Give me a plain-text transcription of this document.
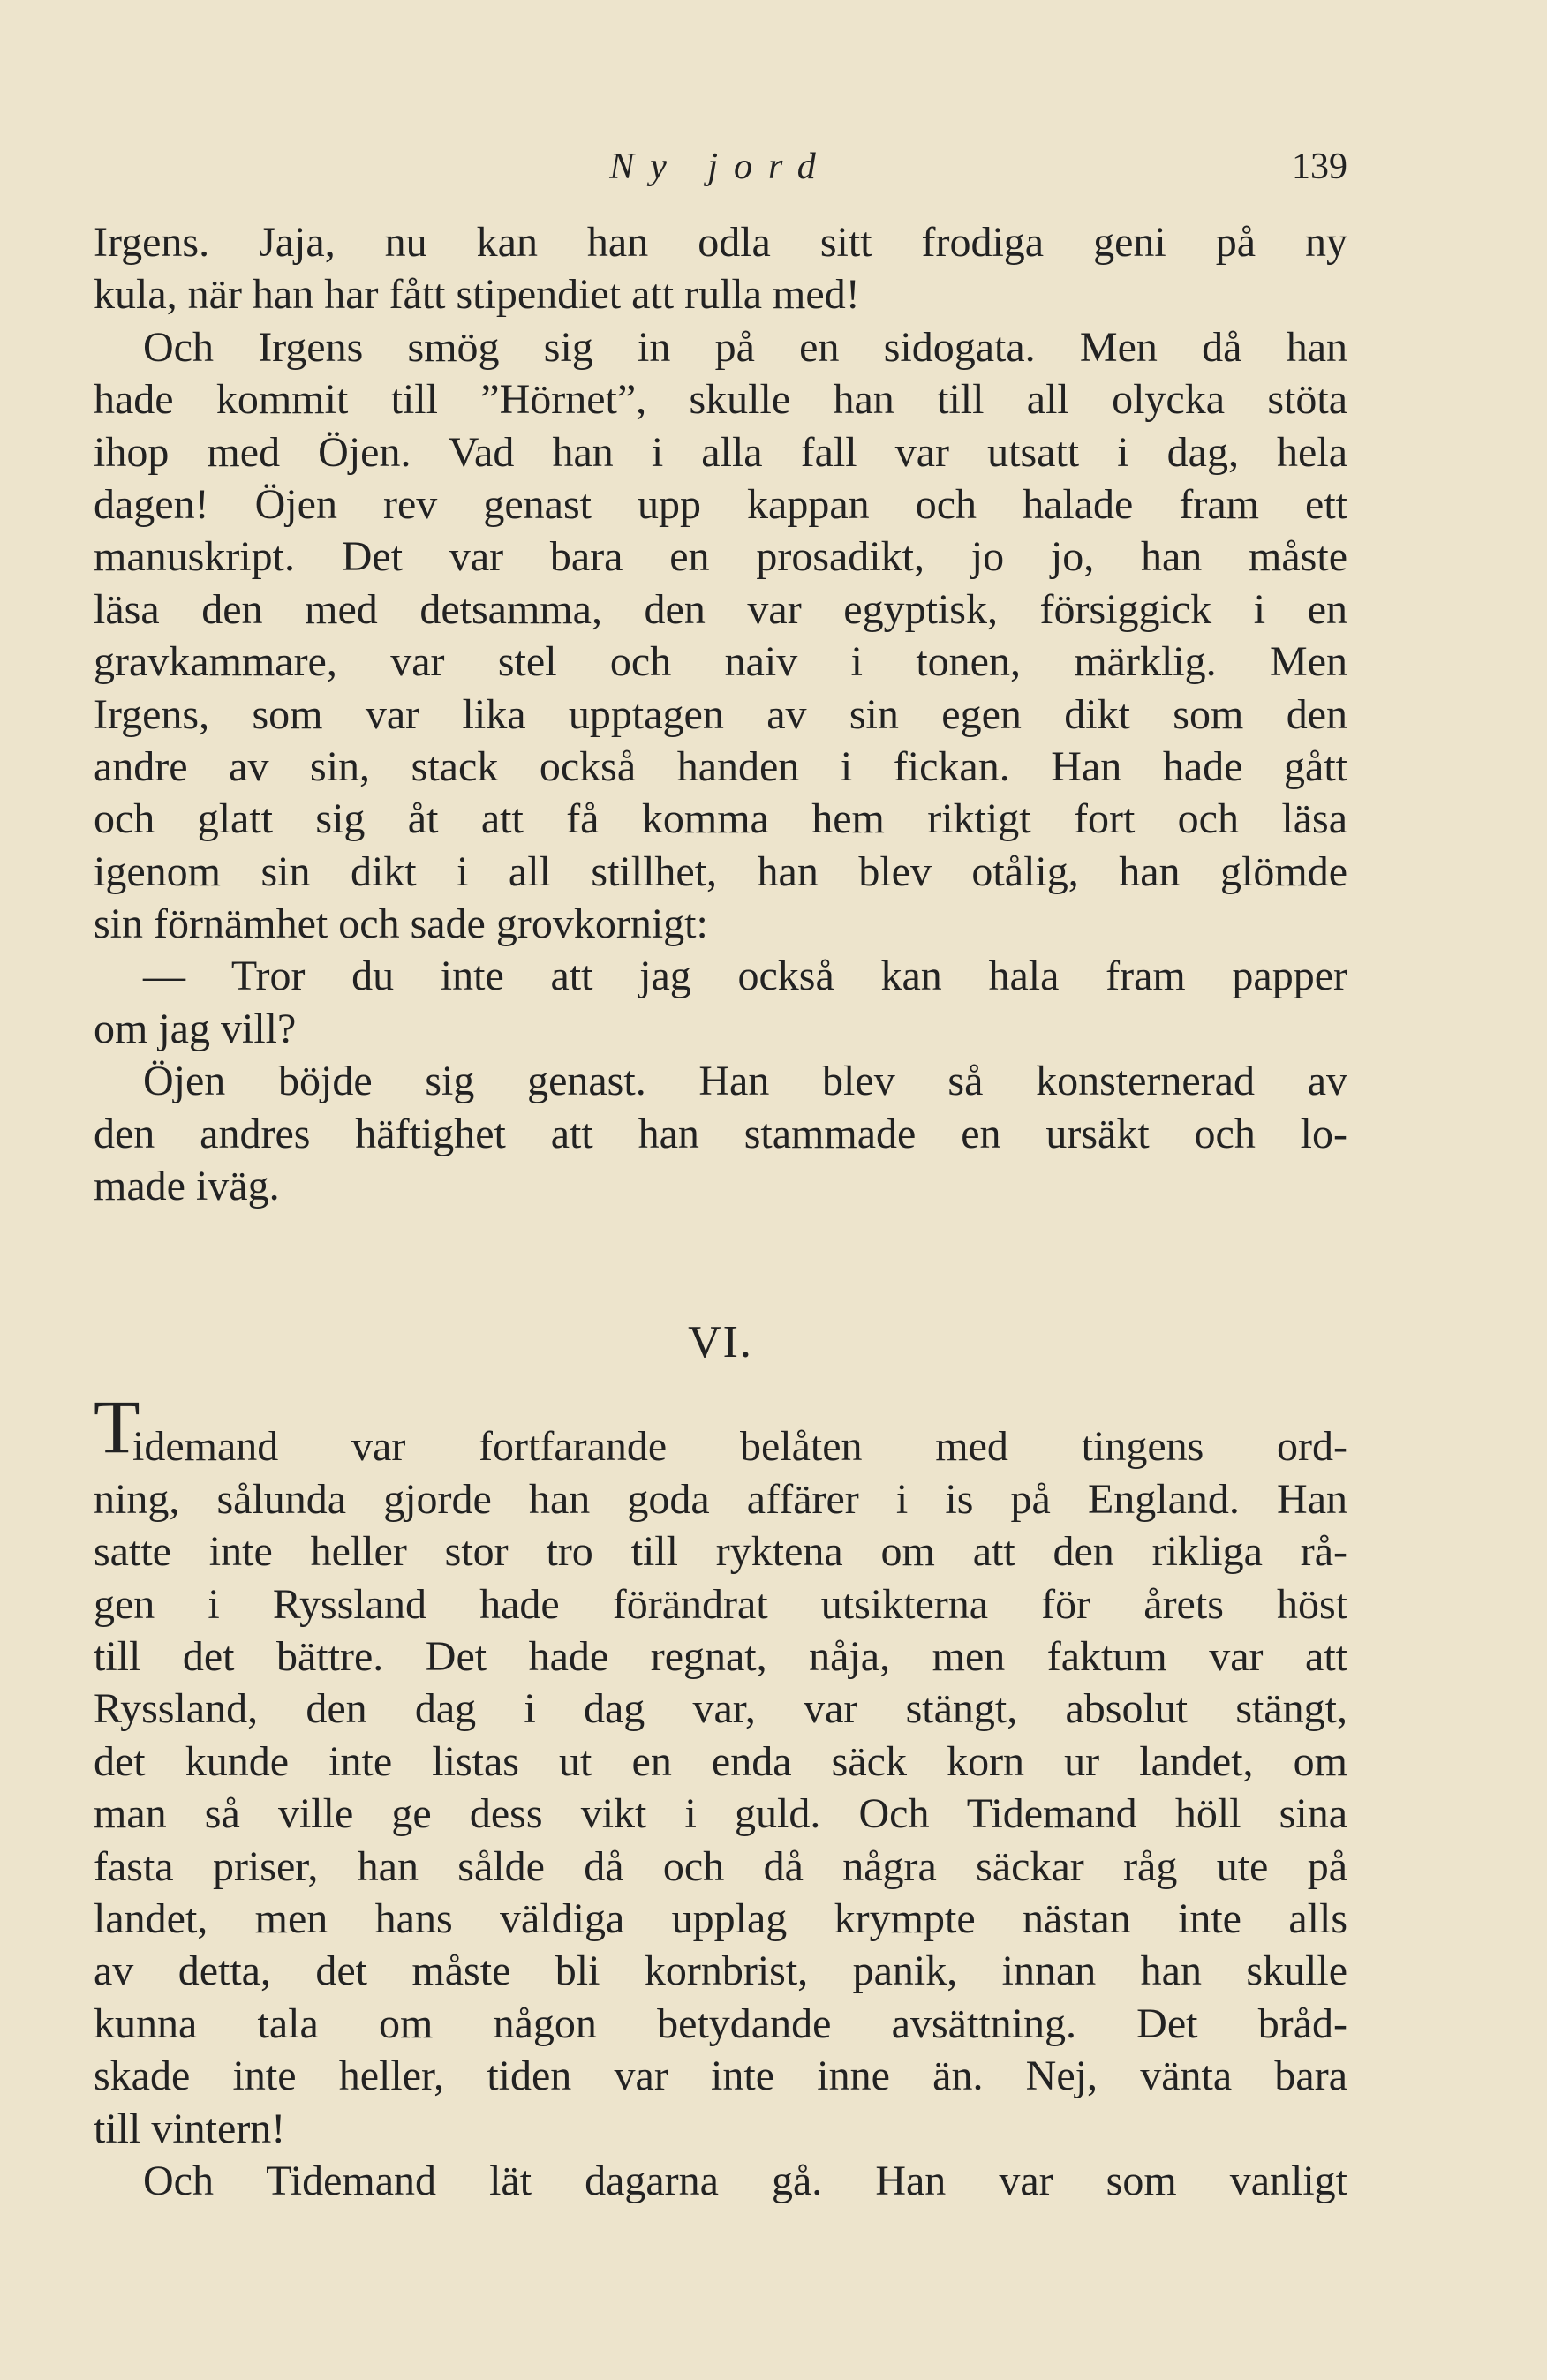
Ny jord	139
Irgens. Jaja, nu kan han odla sitt frodiga geni på ny
kula, när han har fått stipendiet att rulla med!
Och Irgens smög sig in på en sidogata. Men då han
hade kommit till ”Hörnet”, skulle han till all olycka stöta
ihop med Öjen. Vad han i alla fall var utsatt i dag, hela
dagen! Öjen rev genast upp kappan och halade fram ett
manuskript. Det var bara en prosadikt, jo jo, han måste
läsa den med detsamma, den var egyptisk, försiggick i en
gravkammare, var stel och naiv i tonen, märklig. Men
Irgens, som var lika upptagen av sin egen dikt som den
andre av sin, stack också handen i fickan. Han hade gått
och glatt sig åt att få komma hem riktigt fort och läsa
igenom sin dikt i all stillhet, han blev otålig, han glömde
sin förnämhet och sade grovkornigt:
— Tror du inte att jag också kan hala fram papper
om jag vill?
Öjen böjde sig genast. Han blev så konsternerad av
den andres häftighet att han stammade en ursäkt och lo-
made iväg.
VI.
T
idemand var fortfarande belåten med tingens ord-
ning, sålunda gjorde han goda affärer i is på England. Han
satte inte heller stor tro till ryktena om att den rikliga rå-
gen i Ryssland hade förändrat utsikterna för årets höst
till det bättre. Det hade regnat, nåja, men faktum var att
Ryssland, den dag i dag var, var stängt, absolut stängt,
det kunde inte listas ut en enda säck korn ur landet, om
man så ville ge dess vikt i guld. Och Tidemand höll sina
fasta priser, han sålde då och då några säckar råg ute på
landet, men hans väldiga upplag krympte nästan inte alls
av detta, det måste bli kornbrist, panik, innan han skulle
kunna tala om någon betydande avsättning. Det bråd-
skade inte heller, tiden var inte inne än. Nej, vänta bara
till vintern!
Och Tidemand lät dagarna gå. Han var som vanligt
